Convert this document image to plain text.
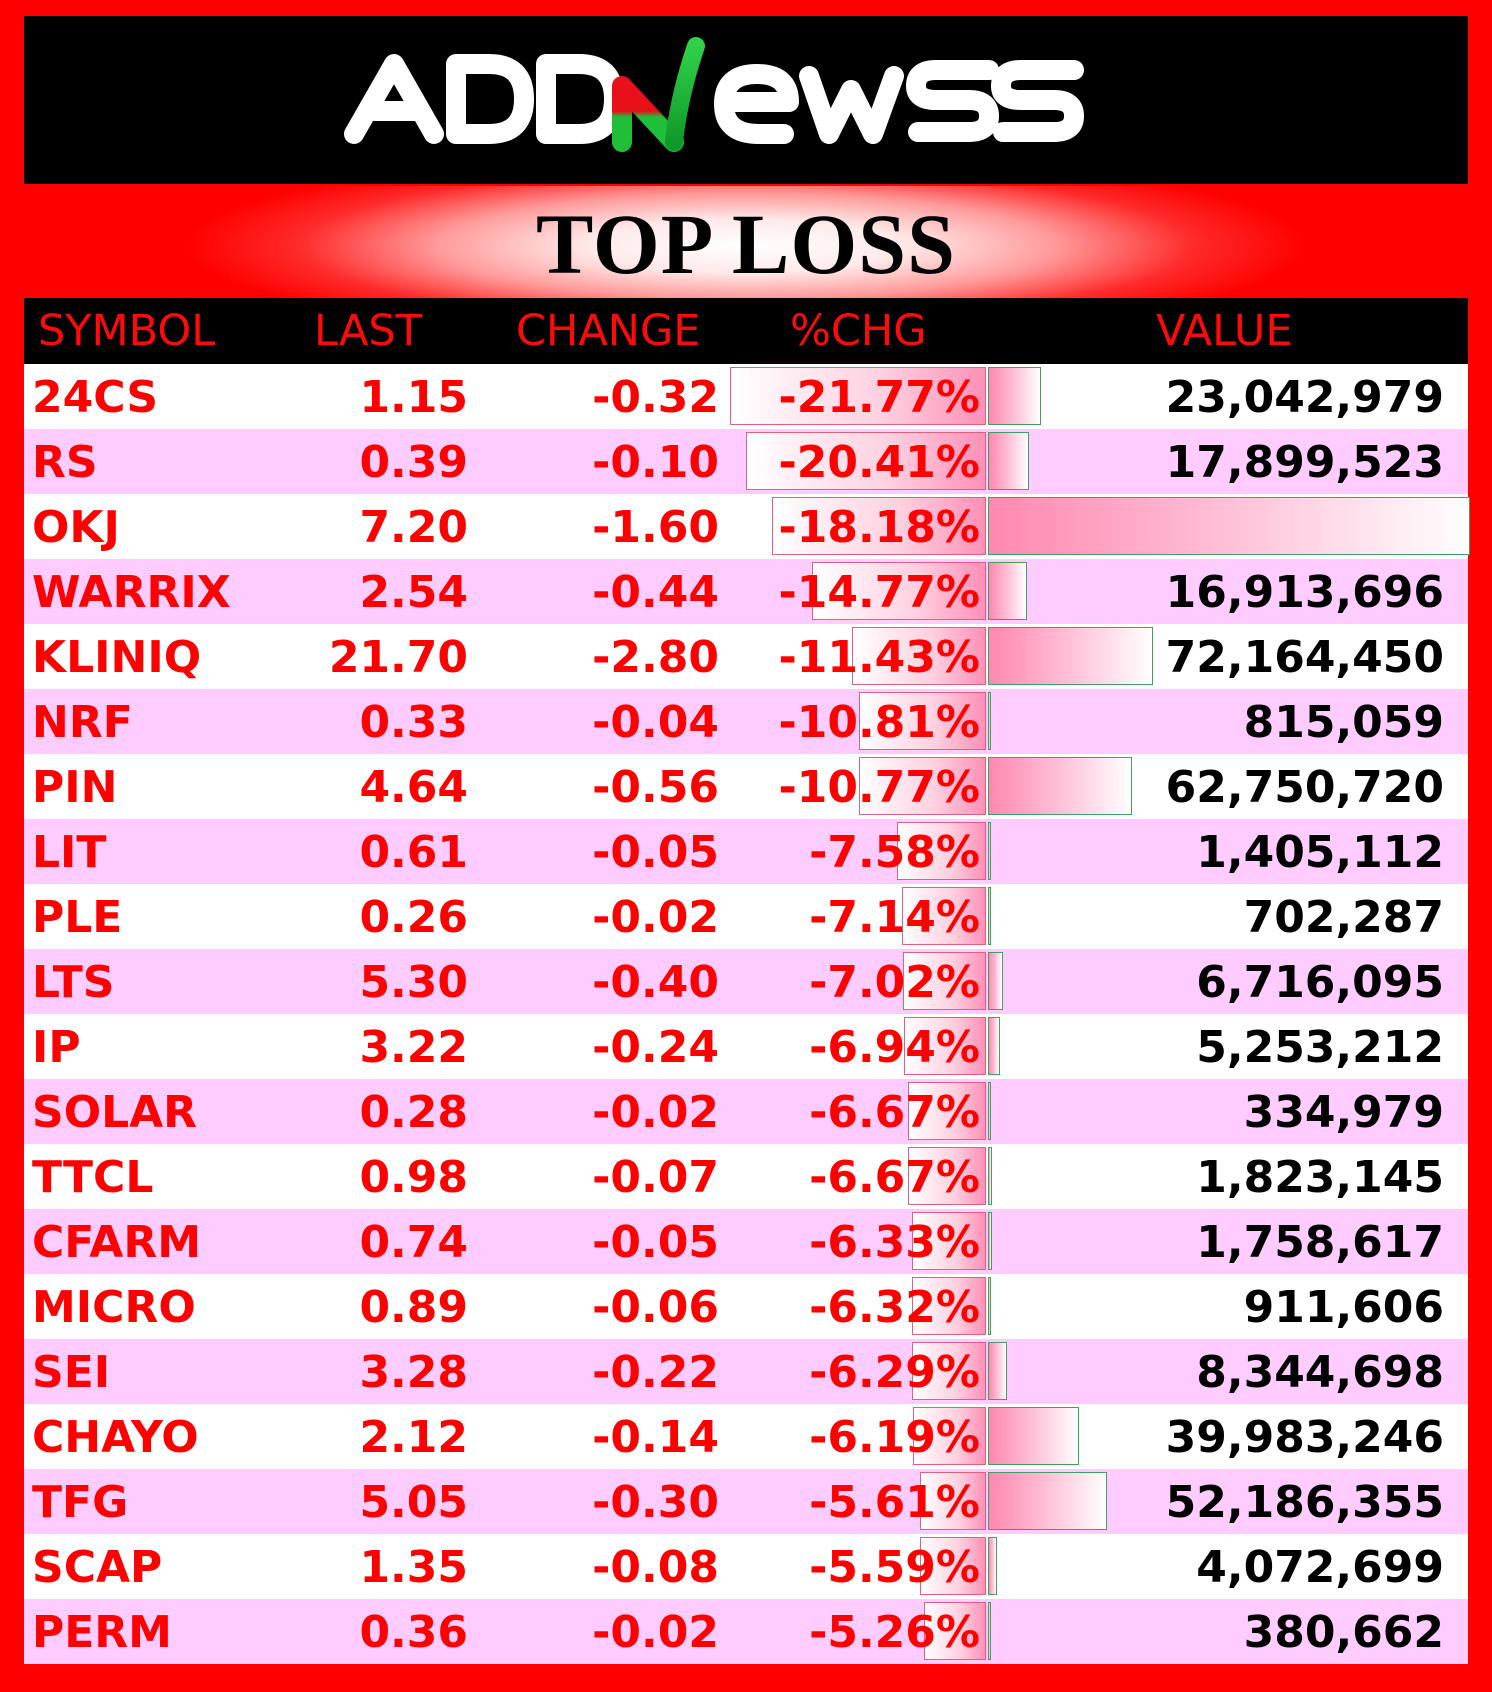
TOP LOSS
SYMBOL LAST CHANGE %CHG	VALUE
24CS	1.15	-0.32 -21.77%	23,042,979
RS	0.39	-0.10 -20.41%	17,899,523
OKJ	7.20	-1.60 -18.18%
WARRIX	2.54	-0.44 -14.77%	16,913,696
KLINIQ	21.70	-2.80 -11.43%	72,164,450
NRF	0.33	-0.04 -10.81%	815,059
PIN	4.64	-0.56 -10.77%	62,750,720
LIT	0.61	-0.05 -7.58%	1,405,112
PLE	0.26	-0.02 -7.14%	702,287
LTS	5.30	-0.40 -7.02%	6,716,095
IP	3.22	-0.24 -6.94%	5,253,212
SOLAR	0.28	-0.02 -6.67%	334,979
TTCL	0.98	-0.07 -6.67%	1,823,145
CFARM	0.74	-0.05 -6.33%	1,758,617
MICRO	0.89	-0.06 -6.32%	911,606
SEI	3.28	-0.22 -6.29%	8,344,698
CHAYO	2.12	-0.14 -6.19%	39,983,246
TFG	5.05	-0.30 -5.61%	52,186,355
SCAP	1.35	-0.08 -5.59%	4,072,699
PERM	0.36	-0.02 -5.26%	380,662
